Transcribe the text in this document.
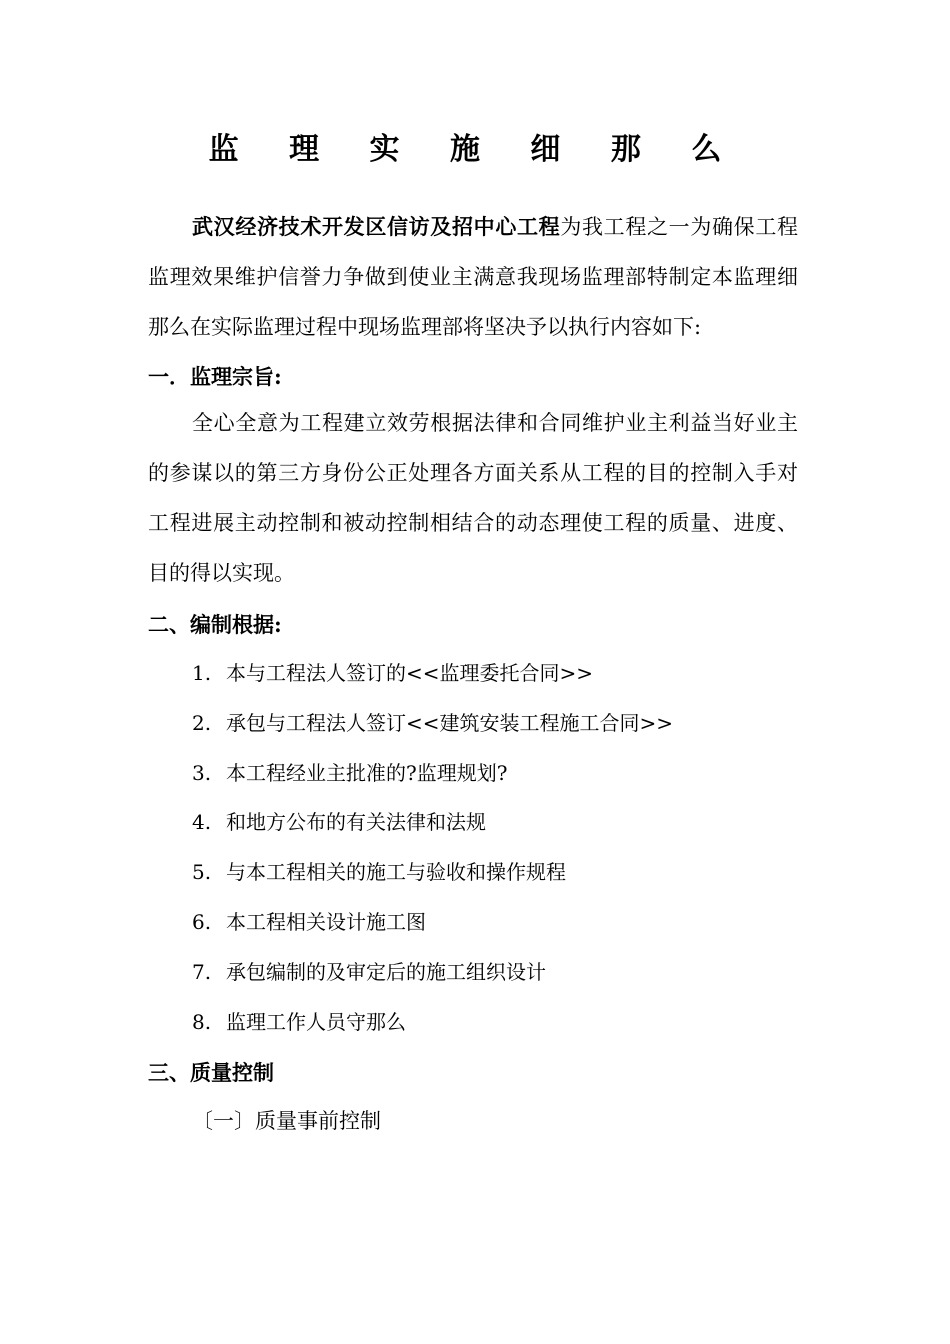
监 理 实 施 细 那 么
武汉经济技术开发区信访及招中心工程为我工程之一为确保工程监理效果维护信誉力争做到使业主满意我现场监理部特制定本监理细那么在实际监理过程中现场监理部将坚决予以执行内容如下:
一．监理宗旨:
全心全意为工程建立效劳根据法律和合同维护业主利益当好业主的参谋以的第三方身份公正处理各方面关系从工程的目的控制入手对工程进展主动控制和被动控制相结合的动态理使工程的质量、进度、目的得以实现。
二、编制根据:
1. 本与工程法人签订的<<监理委托合同>>
2. 承包与工程法人签订<<建筑安装工程施工合同>>
3. 本工程经业主批准的?监理规划?
4. 和地方公布的有关法律和法规
5. 与本工程相关的施工与验收和操作规程
6. 本工程相关设计施工图
7. 承包编制的及审定后的施工组织设计
8. 监理工作人员守那么
三、质量控制
〔一〕质量事前控制
